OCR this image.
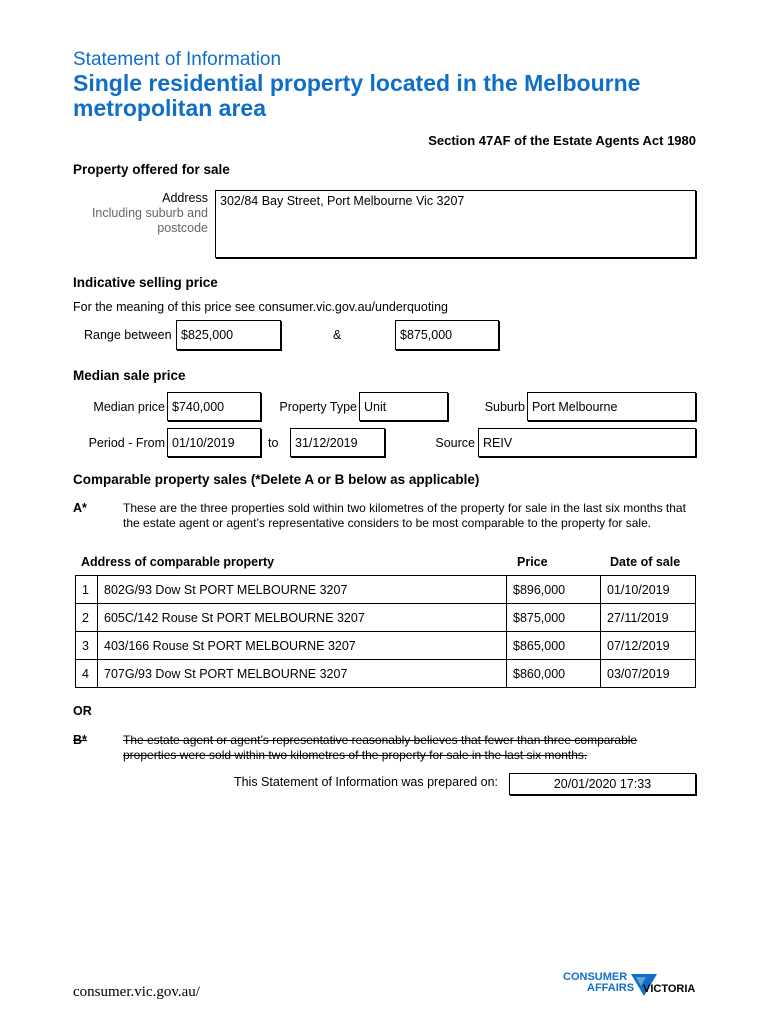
Statement of Information
Single residential property located in the Melbourne metropolitan area
Section 47AF of the Estate Agents Act 1980
Property offered for sale
Address
Including suburb and
postcode
302/84 Bay Street, Port Melbourne Vic 3207
Indicative selling price
For the meaning of this price see consumer.vic.gov.au/underquoting
Range between $825,000	&	$875,000
Median sale price
Median price $740,000	Property Type Unit	Suburb Port Melbourne
Period - From 01/10/2019	to	31/12/2019	Source REIV
Comparable property sales (*Delete A or B below as applicable)
A*	These are the three properties sold within two kilometres of the property for sale in the last six months that the estate agent or agent’s representative considers to be most comparable to the property for sale.
Address of comparable property	Price	Date of sale
1	802G/93 Dow St PORT MELBOURNE 3207	$896,000	01/10/2019
2	605C/142 Rouse St PORT MELBOURNE 3207	$875,000	27/11/2019
3	403/166 Rouse St PORT MELBOURNE 3207	$865,000	07/12/2019
4	707G/93 Dow St PORT MELBOURNE 3207	$860,000	03/07/2019
OR
B*	The estate agent or agent’s representative reasonably believes that fewer than three comparable properties were sold within two kilometres of the property for sale in the last six months.
This Statement of Information was prepared on:	20/01/2020 17:33
consumer.vic.gov.au/
CONSUMER
AFFAIRS VICTORIA
